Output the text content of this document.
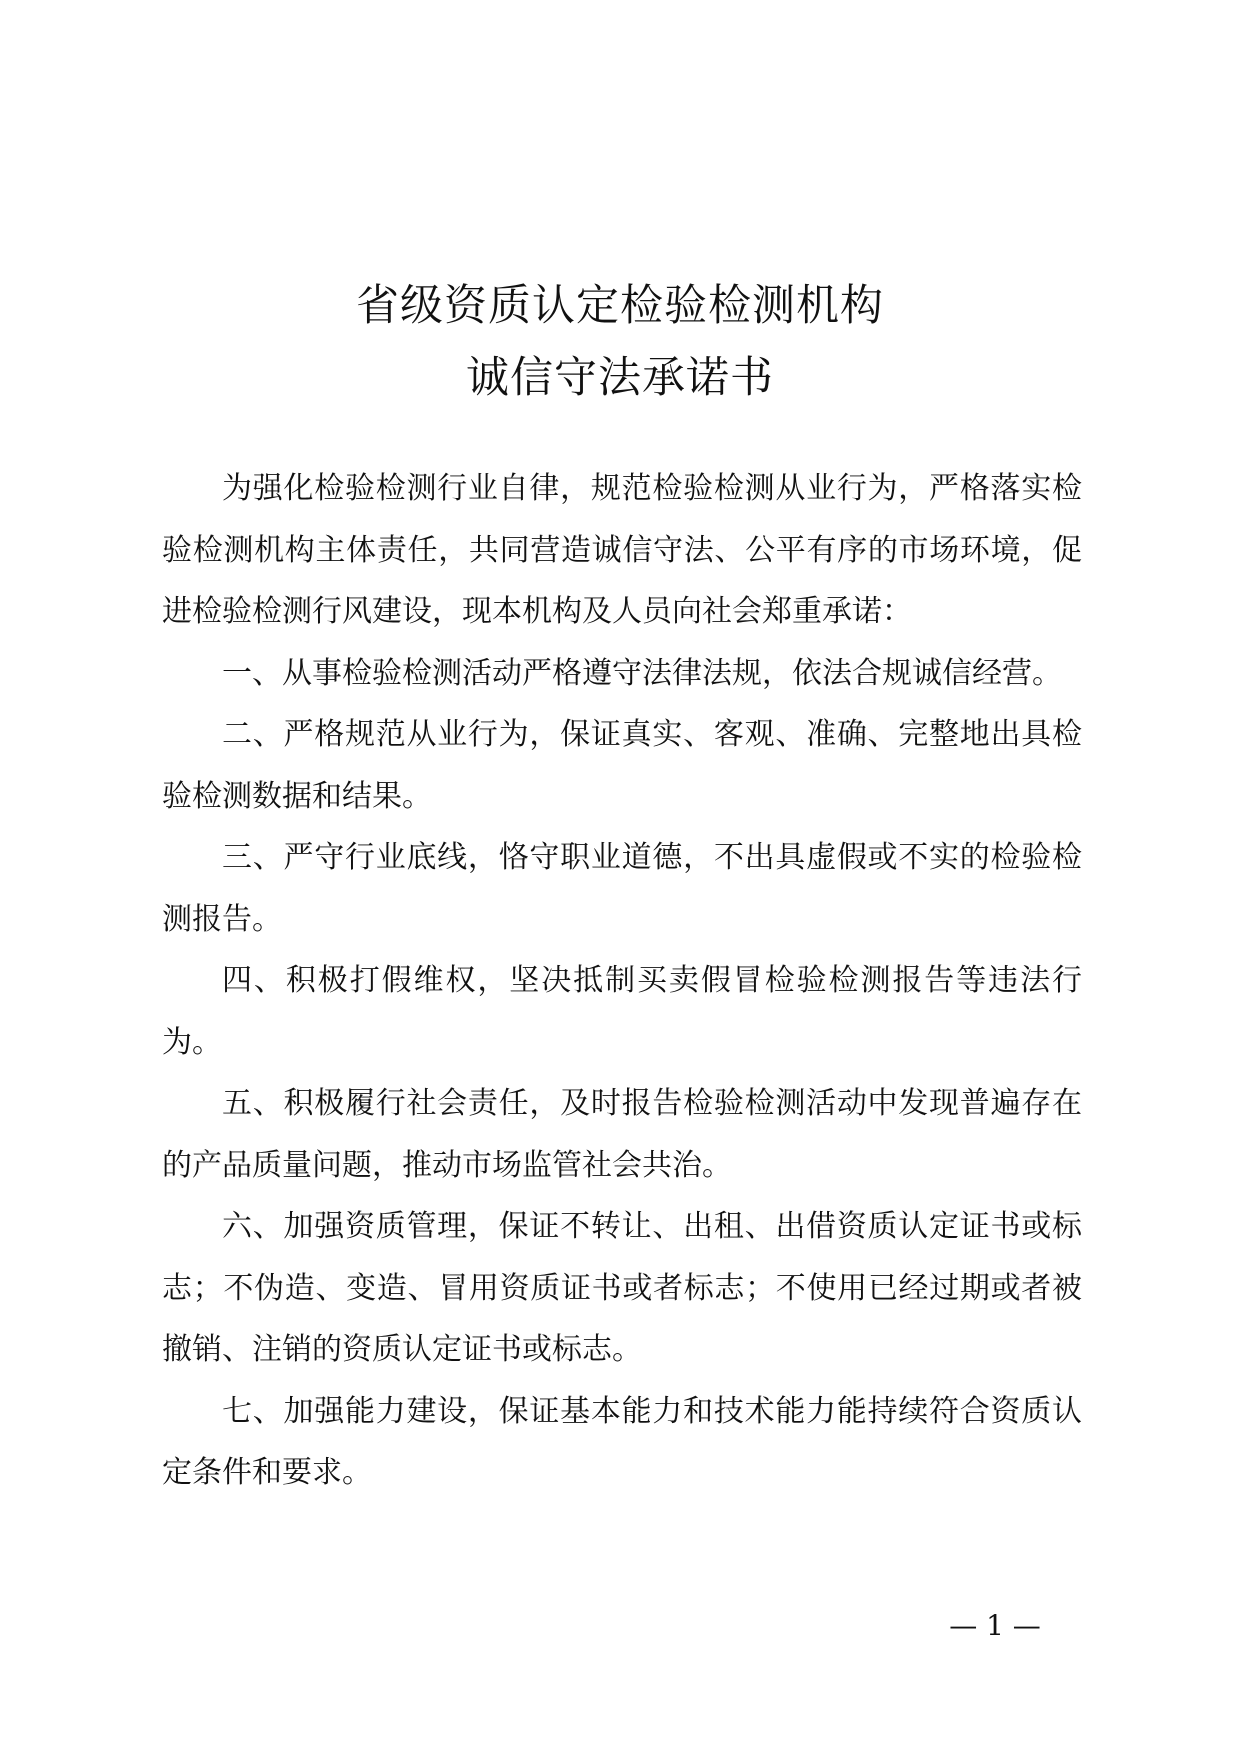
省级资质认定检验检测机构
诚信守法承诺书

为强化检验检测行业自律，规范检验检测从业行为，严格落实检验检测机构主体责任，共同营造诚信守法、公平有序的市场环境，促进检验检测行风建设，现本机构及人员向社会郑重承诺：

一、从事检验检测活动严格遵守法律法规，依法合规诚信经营。

二、严格规范从业行为，保证真实、客观、准确、完整地出具检验检测数据和结果。

三、严守行业底线，恪守职业道德，不出具虚假或不实的检验检测报告。

四、积极打假维权，坚决抵制买卖假冒检验检测报告等违法行为。

五、积极履行社会责任，及时报告检验检测活动中发现普遍存在的产品质量问题，推动市场监管社会共治。

六、加强资质管理，保证不转让、出租、出借资质认定证书或标志；不伪造、变造、冒用资质证书或者标志；不使用已经过期或者被撤销、注销的资质认定证书或标志。

七、加强能力建设，保证基本能力和技术能力能持续符合资质认定条件和要求。

— 1 —
